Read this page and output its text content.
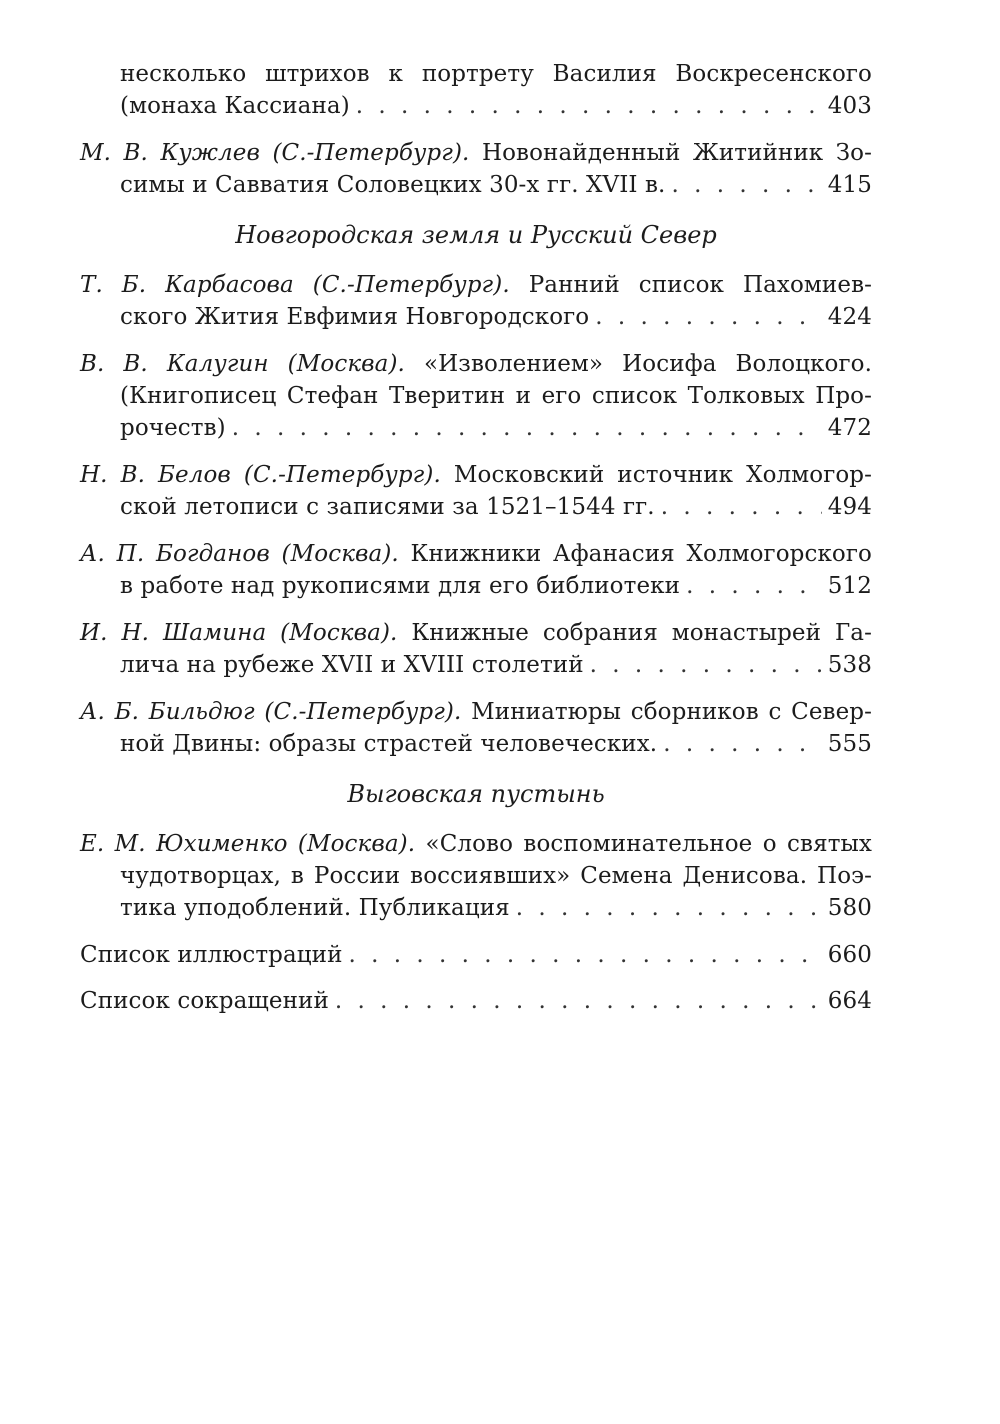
несколько штрихов к портрету Василия Воскресенского
(монаха Кассиана) . . .	403
М. В. Кужлев (С.-Петербург). Новонайденный Житийник Зо-
симы и Савватия Соловецких 30-х гг. XVII в. . . .	415
Новгородская земля и Русский Север
Т. Б. Карбасова (С.-Петербург). Ранний список Пахомиев-
ского Жития Евфимия Новгородского . . .	424
В. В. Калугин (Москва). «Изволением» Иосифа Волоцкого.
(Книгописец Стефан Тверитин и его список Толковых Про-
рочеств) . . .	472
Н. В. Белов (С.-Петербург). Московский источник Холмогор-
ской летописи с записями за 1521–1544 гг. . . .	494
А. П. Богданов (Москва). Книжники Афанасия Холмогорского
в работе над рукописями для его библиотеки . . .	512
И. Н. Шамина (Москва). Книжные собрания монастырей Га-
лича на рубеже XVII и XVIII столетий . . .	538
А. Б. Бильдюг (С.-Петербург). Миниатюры сборников с Север-
ной Двины: образы страстей человеческих. . . .	555
Выговская пустынь
Е. М. Юхименко (Москва). «Слово воспоминательное о святых
чудотворцах, в России воссиявших» Семена Денисова. Поэ-
тика уподоблений. Публикация . . .	580
Список иллюстраций . . .	660
Список сокращений . . .	664
